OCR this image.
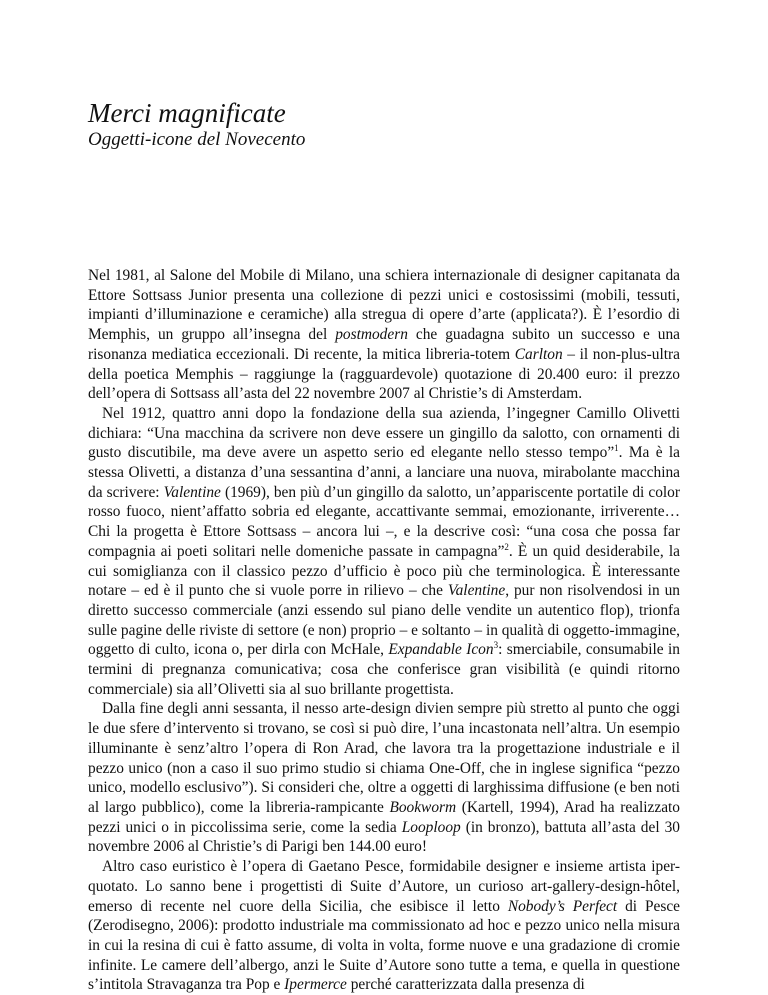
Merci magnificate
Oggetti-icone del Novecento

Nel 1981, al Salone del Mobile di Milano, una schiera internazionale di designer capitanata da Ettore Sottsass Junior presenta una collezione di pezzi unici e costosissimi (mobili, tessuti, impianti d’illuminazione e ceramiche) alla stregua di opere d’arte (applicata?). È l’esordio di Memphis, un gruppo all’insegna del postmodern che guadagna subito un successo e una risonanza mediatica eccezionali. Di recente, la mitica libreria-totem Carlton – il non-plus-ultra della poetica Memphis – raggiunge la (ragguardevole) quotazione di 20.400 euro: il prezzo dell’opera di Sottsass all’asta del 22 novembre 2007 al Christie’s di Amsterdam.

Nel 1912, quattro anni dopo la fondazione della sua azienda, l’ingegner Camillo Olivetti dichiara: “Una macchina da scrivere non deve essere un gingillo da salotto, con ornamenti di gusto discutibile, ma deve avere un aspetto serio ed elegante nello stesso tempo”$^1$. Ma è la stessa Olivetti, a distanza d’una sessantina d’anni, a lanciare una nuova, mirabolante macchina da scrivere: Valentine (1969), ben più d’un gingillo da salotto, un’appariscente portatile di color rosso fuoco, nient’affatto sobria ed elegante, accattivante semmai, emozionante, irriverente… Chi la progetta è Ettore Sottsass – ancora lui –, e la descrive così: “una cosa che possa far compagnia ai poeti solitari nelle domeniche passate in campagna”$^2$. È un quid desiderabile, la cui somiglianza con il classico pezzo d’ufficio è poco più che terminologica. È interessante notare – ed è il punto che si vuole porre in rilievo – che Valentine, pur non risolvendosi in un diretto successo commerciale (anzi essendo sul piano delle vendite un autentico flop), trionfa sulle pagine delle riviste di settore (e non) proprio – e soltanto – in qualità di oggetto-immagine, oggetto di culto, icona o, per dirla con McHale, Expandable Icon$^3$: smerciabile, consumabile in termini di pregnanza comunicativa; cosa che conferisce gran visibilità (e quindi ritorno commerciale) sia all’Olivetti sia al suo brillante progettista.

Dalla fine degli anni sessanta, il nesso arte-design divien sempre più stretto al punto che oggi le due sfere d’intervento si trovano, se così si può dire, l’una incastonata nell’altra. Un esempio illuminante è senz’altro l’opera di Ron Arad, che lavora tra la progettazione industriale e il pezzo unico (non a caso il suo primo studio si chiama One-Off, che in inglese significa “pezzo unico, modello esclusivo”). Si consideri che, oltre a oggetti di larghissima diffusione (e ben noti al largo pubblico), come la libreria-rampicante Bookworm (Kartell, 1994), Arad ha realizzato pezzi unici o in piccolissima serie, come la sedia Looploop (in bronzo), battuta all’asta del 30 novembre 2006 al Christie’s di Parigi ben 144.00 euro!

Altro caso euristico è l’opera di Gaetano Pesce, formidabile designer e insieme artista iper-quotato. Lo sanno bene i progettisti di Suite d’Autore, un curioso art-gallery-design-hôtel, emerso di recente nel cuore della Sicilia, che esibisce il letto Nobody’s Perfect di Pesce (Zerodisegno, 2006): prodotto industriale ma commissionato ad hoc e pezzo unico nella misura in cui la resina di cui è fatto assume, di volta in volta, forme nuove e una gradazione di cromie infinite. Le camere dell’albergo, anzi le Suite d’Autore sono tutte a tema, e quella in questione s’intitola Stravaganza tra Pop e Ipermerce perché caratterizzata dalla presenza di
